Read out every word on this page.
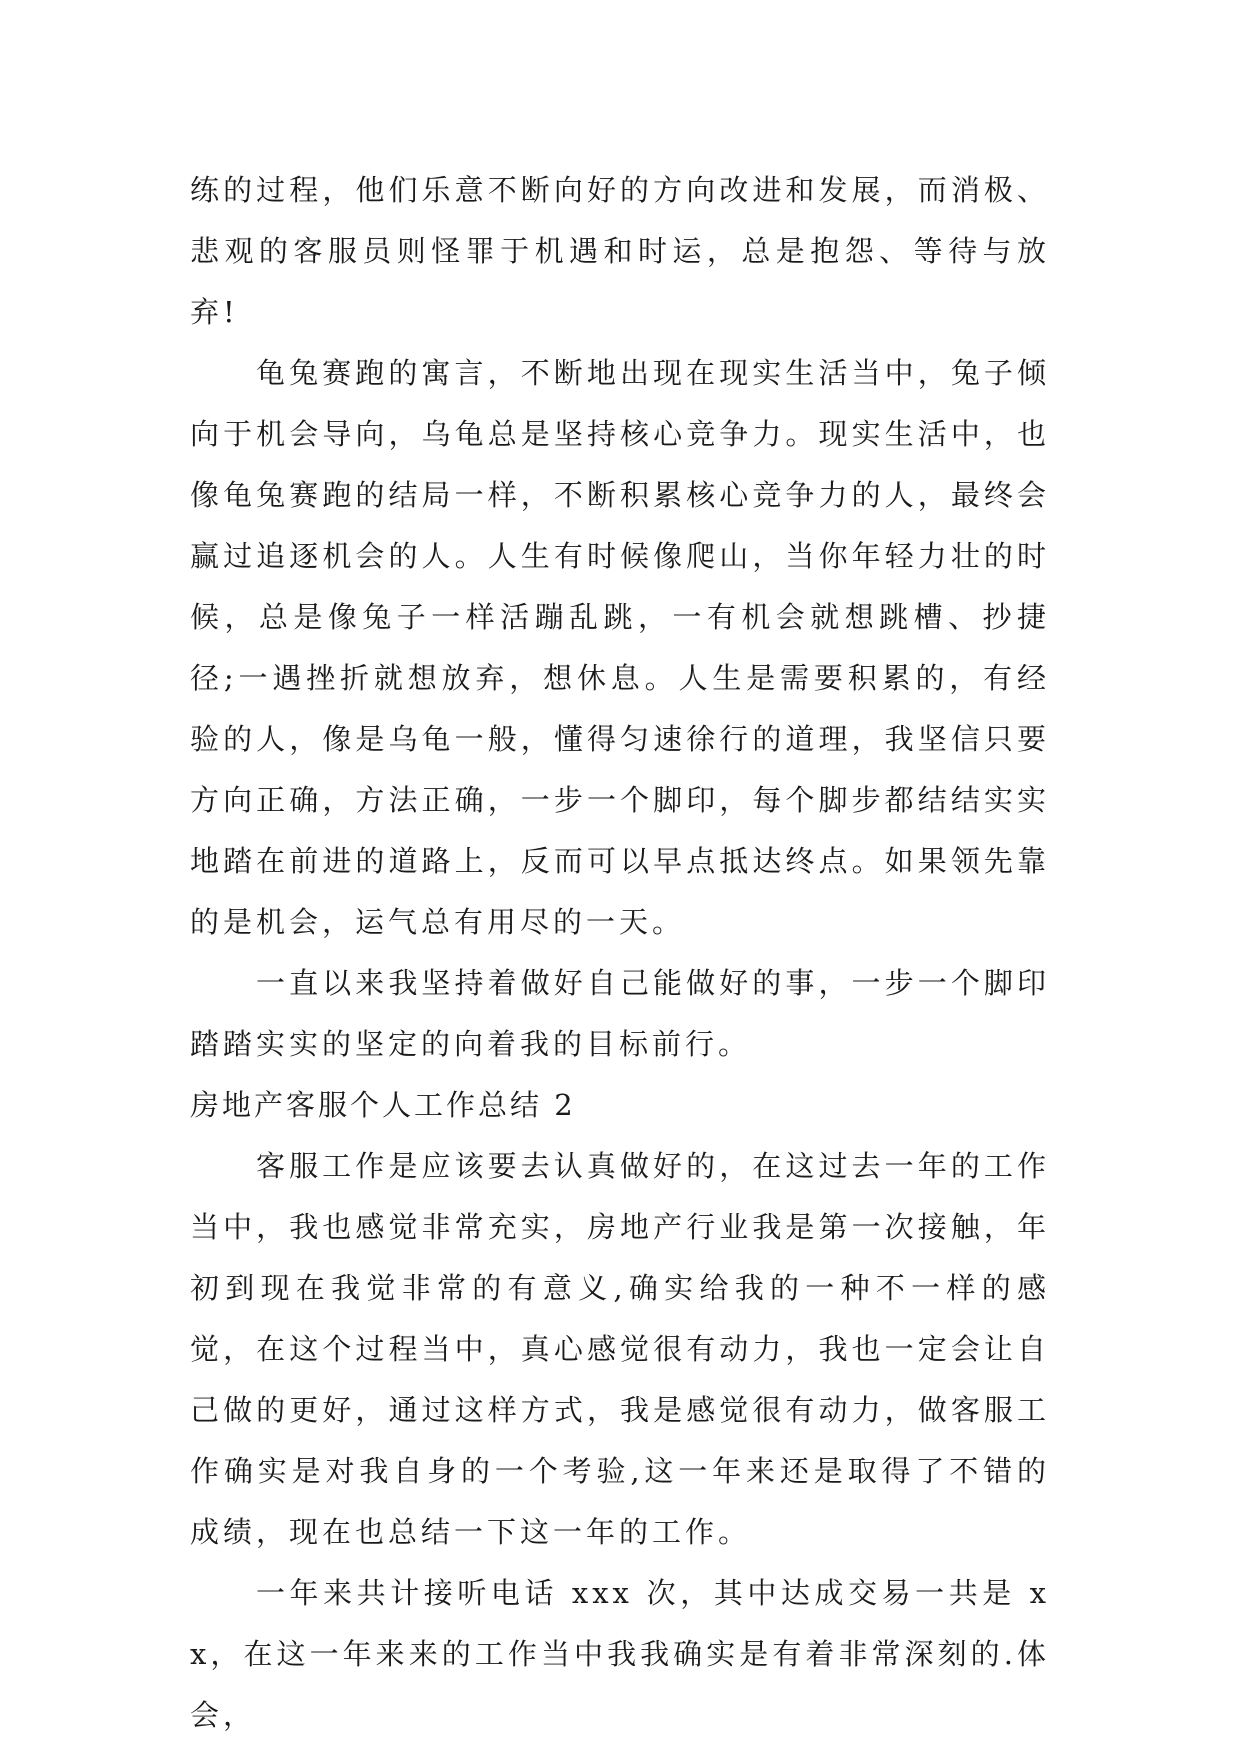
练的过程，他们乐意不断向好的方向改进和发展，而消极、悲观的客服员则怪罪于机遇和时运，总是抱怨、等待与放弃!

龟兔赛跑的寓言，不断地出现在现实生活当中，兔子倾向于机会导向，乌龟总是坚持核心竞争力。现实生活中，也像龟兔赛跑的结局一样，不断积累核心竞争力的人，最终会赢过追逐机会的人。人生有时候像爬山，当你年轻力壮的时候，总是像兔子一样活蹦乱跳，一有机会就想跳槽、抄捷径;一遇挫折就想放弃，想休息。人生是需要积累的，有经验的人，像是乌龟一般，懂得匀速徐行的道理，我坚信只要方向正确，方法正确，一步一个脚印，每个脚步都结结实实地踏在前进的道路上，反而可以早点抵达终点。如果领先靠的是机会，运气总有用尽的一天。

一直以来我坚持着做好自己能做好的事，一步一个脚印踏踏实实的坚定的向着我的目标前行。

房地产客服个人工作总结 2

客服工作是应该要去认真做好的，在这过去一年的工作当中，我也感觉非常充实，房地产行业我是第一次接触，年初到现在我觉非常的有意义,确实给我的一种不一样的感觉，在这个过程当中，真心感觉很有动力，我也一定会让自己做的更好，通过这样方式，我是感觉很有动力，做客服工作确实是对我自身的一个考验,这一年来还是取得了不错的成绩，现在也总结一下这一年的工作。

一年来共计接听电话 xxx 次，其中达成交易一共是 xx，在这一年来来的工作当中我我确实是有着非常深刻的.体会，
